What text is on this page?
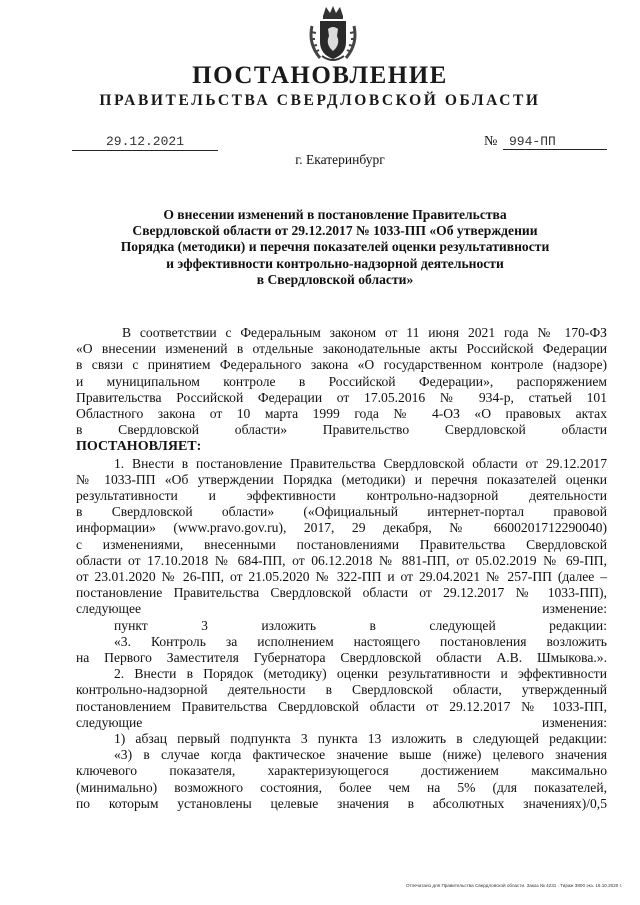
ПОСТАНОВЛЕНИЕ
ПРАВИТЕЛЬСТВА СВЕРДЛОВСКОЙ ОБЛАСТИ
29.12.2021	№ 994-ПП
г. Екатеринбург
О внесении изменений в постановление Правительства
Свердловской области от 29.12.2017 № 1033-ПП «Об утверждении
Порядка (методики) и перечня показателей оценки результативности
и эффективности контрольно-надзорной деятельности
в Свердловской области»

В соответствии с Федеральным законом от 11 июня 2021 года № 170-ФЗ
«О внесении изменений в отдельные законодательные акты Российской Федерации
в связи с принятием Федерального закона «О государственном контроле (надзоре)
и муниципальном контроле в Российской Федерации», распоряжением
Правительства Российской Федерации от 17.05.2016 № 934-р, статьей 101
Областного закона от 10 марта 1999 года № 4-ОЗ «О правовых актах
в Свердловской области» Правительство Свердловской области

ПОСТАНОВЛЯЕТ:

1. Внести в постановление Правительства Свердловской области от 29.12.2017
№ 1033-ПП «Об утверждении Порядка (методики) и перечня показателей оценки
результативности и эффективности контрольно-надзорной деятельности
в Свердловской области» («Официальный интернет-портал правовой
информации» (www.pravo.gov.ru), 2017, 29 декабря, № 6600201712290040)
с изменениями, внесенными постановлениями Правительства Свердловской
области от 17.10.2018 № 684-ПП, от 06.12.2018 № 881-ПП, от 05.02.2019 № 69-ПП,
от 23.01.2020 № 26-ПП, от 21.05.2020 № 322-ПП и от 29.04.2021 № 257-ПП (далее –
постановление Правительства Свердловской области от 29.12.2017 № 1033-ПП),
следующее изменение:

пункт 3 изложить в следующей редакции:

«3. Контроль за исполнением настоящего постановления возложить
на Первого Заместителя Губернатора Свердловской области А.В. Шмыкова.».

2. Внести в Порядок (методику) оценки результативности и эффективности
контрольно-надзорной деятельности в Свердловской области, утвержденный
постановлением Правительства Свердловской области от 29.12.2017 № 1033-ПП,
следующие изменения:

1) абзац первый подпункта 3 пункта 13 изложить в следующей редакции:

«3) в случае когда фактическое значение выше (ниже) целевого значения
ключевого показателя, характеризующегося достижением максимально
(минимально) возможного состояния, более чем на 5% (для показателей,
по которым установлены целевые значения в абсолютных значениях)/0,5

Отпечатано для Правительства Свердловской области. Заказ № 4231 . Тираж 3800 экз. 16.10.2020 г.
